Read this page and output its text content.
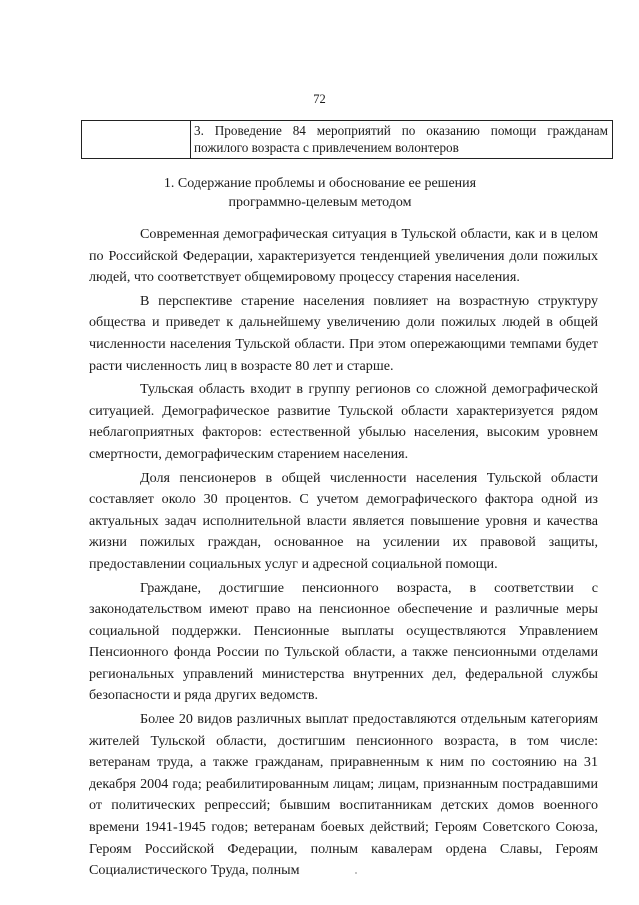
72
	3. Проведение 84 мероприятий по оказанию помощи гражданам пожилого возраста с привлечением волонтеров
1. Содержание проблемы и обоснование ее решения
программно-целевым методом

Современная демографическая ситуация в Тульской области, как и в целом по Российской Федерации, характеризуется тенденцией увеличения доли пожилых людей, что соответствует общемировому процессу старения населения.

В перспективе старение населения повлияет на возрастную структуру общества и приведет к дальнейшему увеличению доли пожилых людей в общей численности населения Тульской области. При этом опережающими темпами будет расти численность лиц в возрасте 80 лет и старше.

Тульская область входит в группу регионов со сложной демографической ситуацией. Демографическое развитие Тульской области характеризуется рядом неблагоприятных факторов: естественной убылью населения, высоким уровнем смертности, демографическим старением населения.

Доля пенсионеров в общей численности населения Тульской области составляет около 30 процентов. С учетом демографического фактора одной из актуальных задач исполнительной власти является повышение уровня и качества жизни пожилых граждан, основанное на усилении их правовой защиты, предоставлении социальных услуг и адресной социальной помощи.

Граждане, достигшие пенсионного возраста, в соответствии с законодательством имеют право на пенсионное обеспечение и различные меры социальной поддержки. Пенсионные выплаты осуществляются Управлением Пенсионного фонда России по Тульской области, а также пенсионными отделами региональных управлений министерства внутренних дел, федеральной службы безопасности и ряда других ведомств.

Более 20 видов различных выплат предоставляются отдельным категориям жителей Тульской области, достигшим пенсионного возраста, в том числе: ветеранам труда, а также гражданам, приравненным к ним по состоянию на 31 декабря 2004 года; реабилитированным лицам; лицам, признанным пострадавшими от политических репрессий; бывшим воспитанникам детских домов военного времени 1941-1945 годов; ветеранам боевых действий; Героям Советского Союза, Героям Российской Федерации, полным кавалерам ордена Славы, Героям Социалистического Труда, полным
